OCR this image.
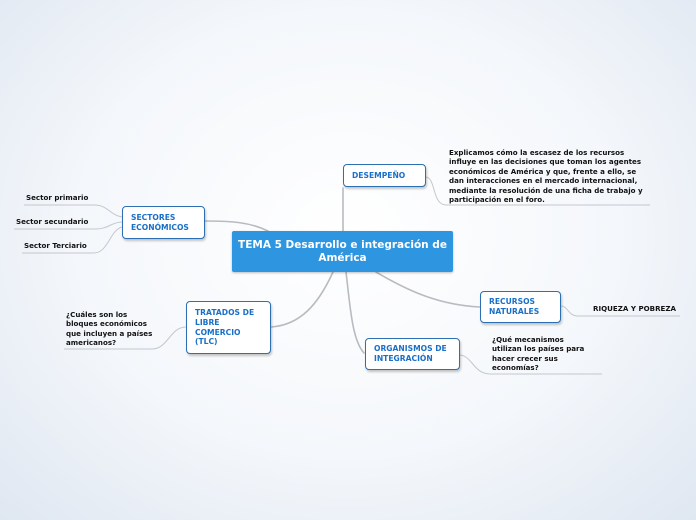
TEMA 5 Desarrollo e integración de América
DESEMPEÑO
Explicamos cómo la escasez de los recursos influye en las decisiones que toman los agentes económicos de América y que, frente a ello, se dan interacciones en el mercado internacional, mediante la resolución de una ficha de trabajo y participación en el foro.
SECTORES ECONÓMICOS
Sector primario
Sector secundario
Sector Terciario
RECURSOS NATURALES	RIQUEZA Y POBREZA
TRATADOS DE LIBRE COMERCIO (TLC)
¿Cuáles son los bloques económicos que incluyen a países americanos?
ORGANISMOS DE INTEGRACIÓN
¿Qué mecanismos utilizan los países para hacer crecer sus economías?
